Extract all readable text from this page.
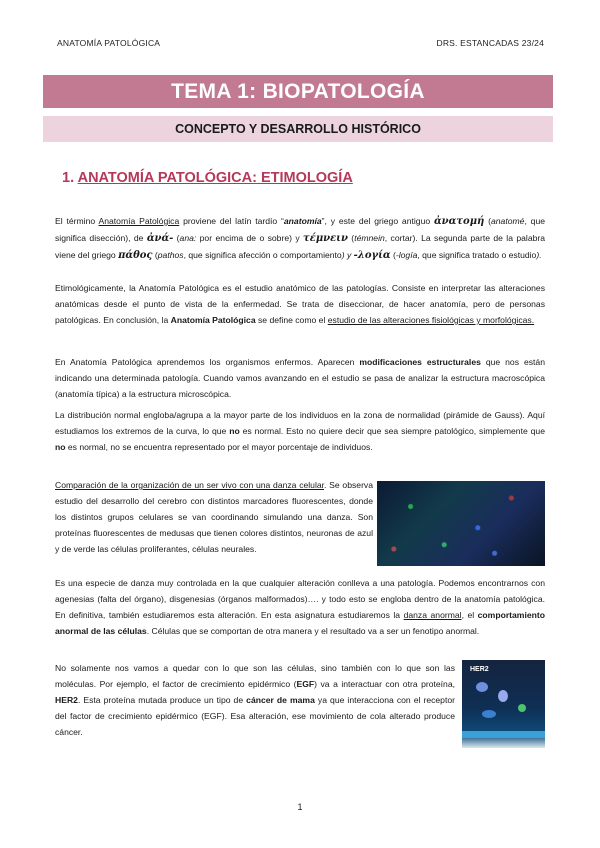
ANATOMÍA PATOLÓGICA	DRS. ESTANCADAS 23/24
TEMA 1: BIOPATOLOGÍA
CONCEPTO Y DESARROLLO HISTÓRICO
1. ANATOMÍA PATOLÓGICA: ETIMOLOGÍA

El término Anatomía Patológica proviene del latín tardío “anatomía”, y este del griego antiguo ἀνατομή (anatomé, que significa disección), de ἀνά- (ana: por encima de o sobre) y τέμνειν (témnein, cortar). La segunda parte de la palabra viene del griego πάθος (pathos, que significa afección o comportamiento) y -λογία (-logía, que significa tratado o estudio).

Etimológicamente, la Anatomía Patológica es el estudio anatómico de las patologías. Consiste en interpretar las alteraciones anatómicas desde el punto de vista de la enfermedad. Se trata de diseccionar, de hacer anatomía, pero de personas patológicas. En conclusión, la Anatomía Patológica se define como el estudio de las alteraciones fisiológicas y morfológicas.

En Anatomía Patológica aprendemos los organismos enfermos. Aparecen modificaciones estructurales que nos están indicando una determinada patología. Cuando vamos avanzando en el estudio se pasa de analizar la estructura macroscópica (anatomía típica) a la estructura microscópica.

La distribución normal engloba/agrupa a la mayor parte de los individuos en la zona de normalidad (pirámide de Gauss). Aquí estudiamos los extremos de la curva, lo que no es normal. Esto no quiere decir que sea siempre patológico, simplemente que no es normal, no se encuentra representado por el mayor porcentaje de individuos.

Comparación de la organización de un ser vivo con una danza celular. Se observa estudio del desarrollo del cerebro con distintos marcadores fluorescentes, donde los distintos grupos celulares se van coordinando simulando una danza. Son proteínas fluorescentes de medusas que tienen colores distintos, neuronas de azul y de verde las células proliferantes, células neurales.

Es una especie de danza muy controlada en la que cualquier alteración conlleva a una patología. Podemos encontrarnos con agenesias (falta del órgano), disgenesias (órganos malformados)…. y todo esto se engloba dentro de la anatomía patológica. En definitiva, también estudiaremos esta alteración. En esta asignatura estudiaremos la danza anormal, el comportamiento anormal de las células. Células que se comportan de otra manera y el resultado va a ser un fenotipo anormal.

No solamente nos vamos a quedar con lo que son las células, sino también con lo que son las moléculas. Por ejemplo, el factor de crecimiento epidérmico (EGF) va a interactuar con otra proteína, HER2. Esta proteína mutada produce un tipo de cáncer de mama ya que interacciona con el receptor del factor de crecimiento epidérmico (EGF). Esa alteración, ese movimiento de cola alterado produce cáncer.

HER2
1
